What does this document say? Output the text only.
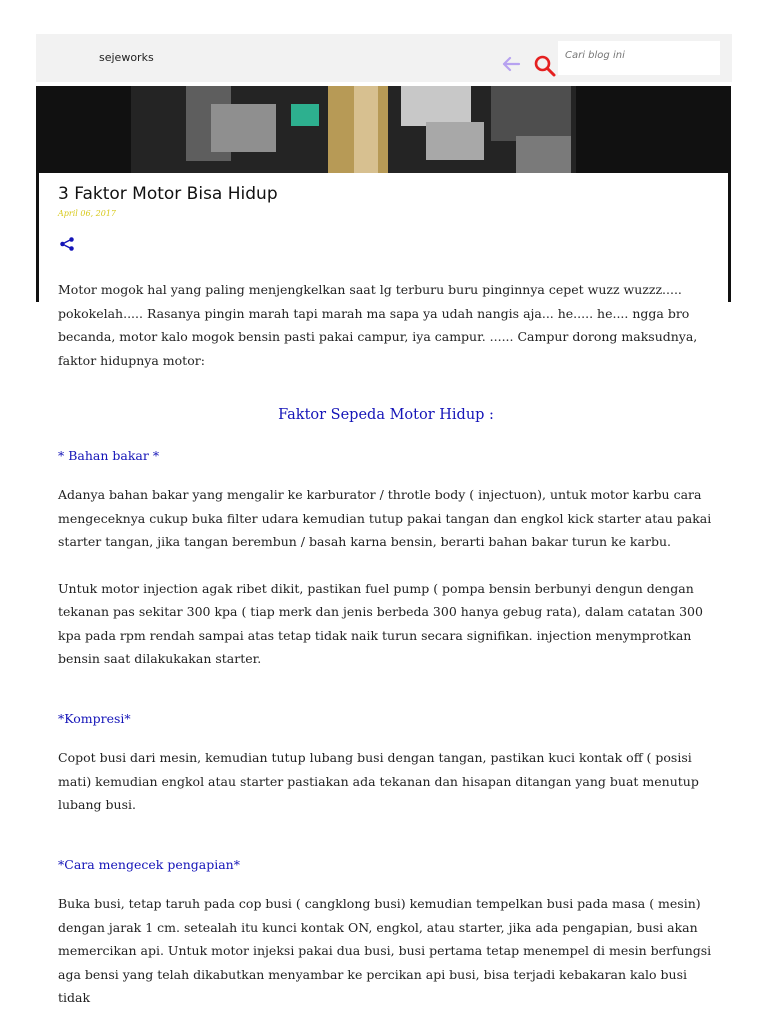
sejeworks
Cari blog ini
3 Faktor Motor Bisa Hidup
April 06, 2017

Motor mogok hal yang paling menjengkelkan saat lg terburu buru pinginnya cepet wuzz wuzzz..... pokokelah..... Rasanya pingin marah tapi marah ma sapa ya udah nangis aja... he..... he.... ngga bro becanda, motor kalo mogok bensin pasti pakai campur, iya campur. ...... Campur dorong maksudnya, faktor hidupnya motor:

Faktor Sepeda Motor Hidup :

* Bahan bakar *

Adanya bahan bakar yang mengalir ke karburator / throtle body ( injectuon), untuk motor karbu cara mengeceknya cukup buka filter udara kemudian tutup pakai tangan dan engkol kick starter atau pakai starter tangan, jika tangan berembun / basah karna bensin, berarti bahan bakar turun ke karbu.

Untuk motor injection agak ribet dikit, pastikan fuel pump ( pompa bensin berbunyi dengun dengan tekanan pas sekitar 300 kpa ( tiap merk dan jenis berbeda 300 hanya gebug rata), dalam catatan 300 kpa pada rpm rendah sampai atas tetap tidak naik turun secara signifikan. injection menymprotkan bensin saat dilakukakan starter.

*Kompresi*

Copot busi dari mesin, kemudian tutup lubang busi dengan tangan, pastikan kuci kontak off ( posisi mati) kemudian engkol atau starter pastiakan ada tekanan dan hisapan ditangan yang buat menutup lubang busi.

*Cara mengecek pengapian*

Buka busi, tetap taruh pada cop busi ( cangklong busi) kemudian tempelkan busi pada masa ( mesin) dengan jarak 1 cm. setealah itu kunci kontak ON, engkol, atau starter, jika ada pengapian, busi akan memercikan api. Untuk motor injeksi pakai dua busi, busi pertama tetap menempel di mesin berfungsi aga bensi yang telah dikabutkan menyambar ke percikan api busi, bisa terjadi kebakaran kalo busi tidak
